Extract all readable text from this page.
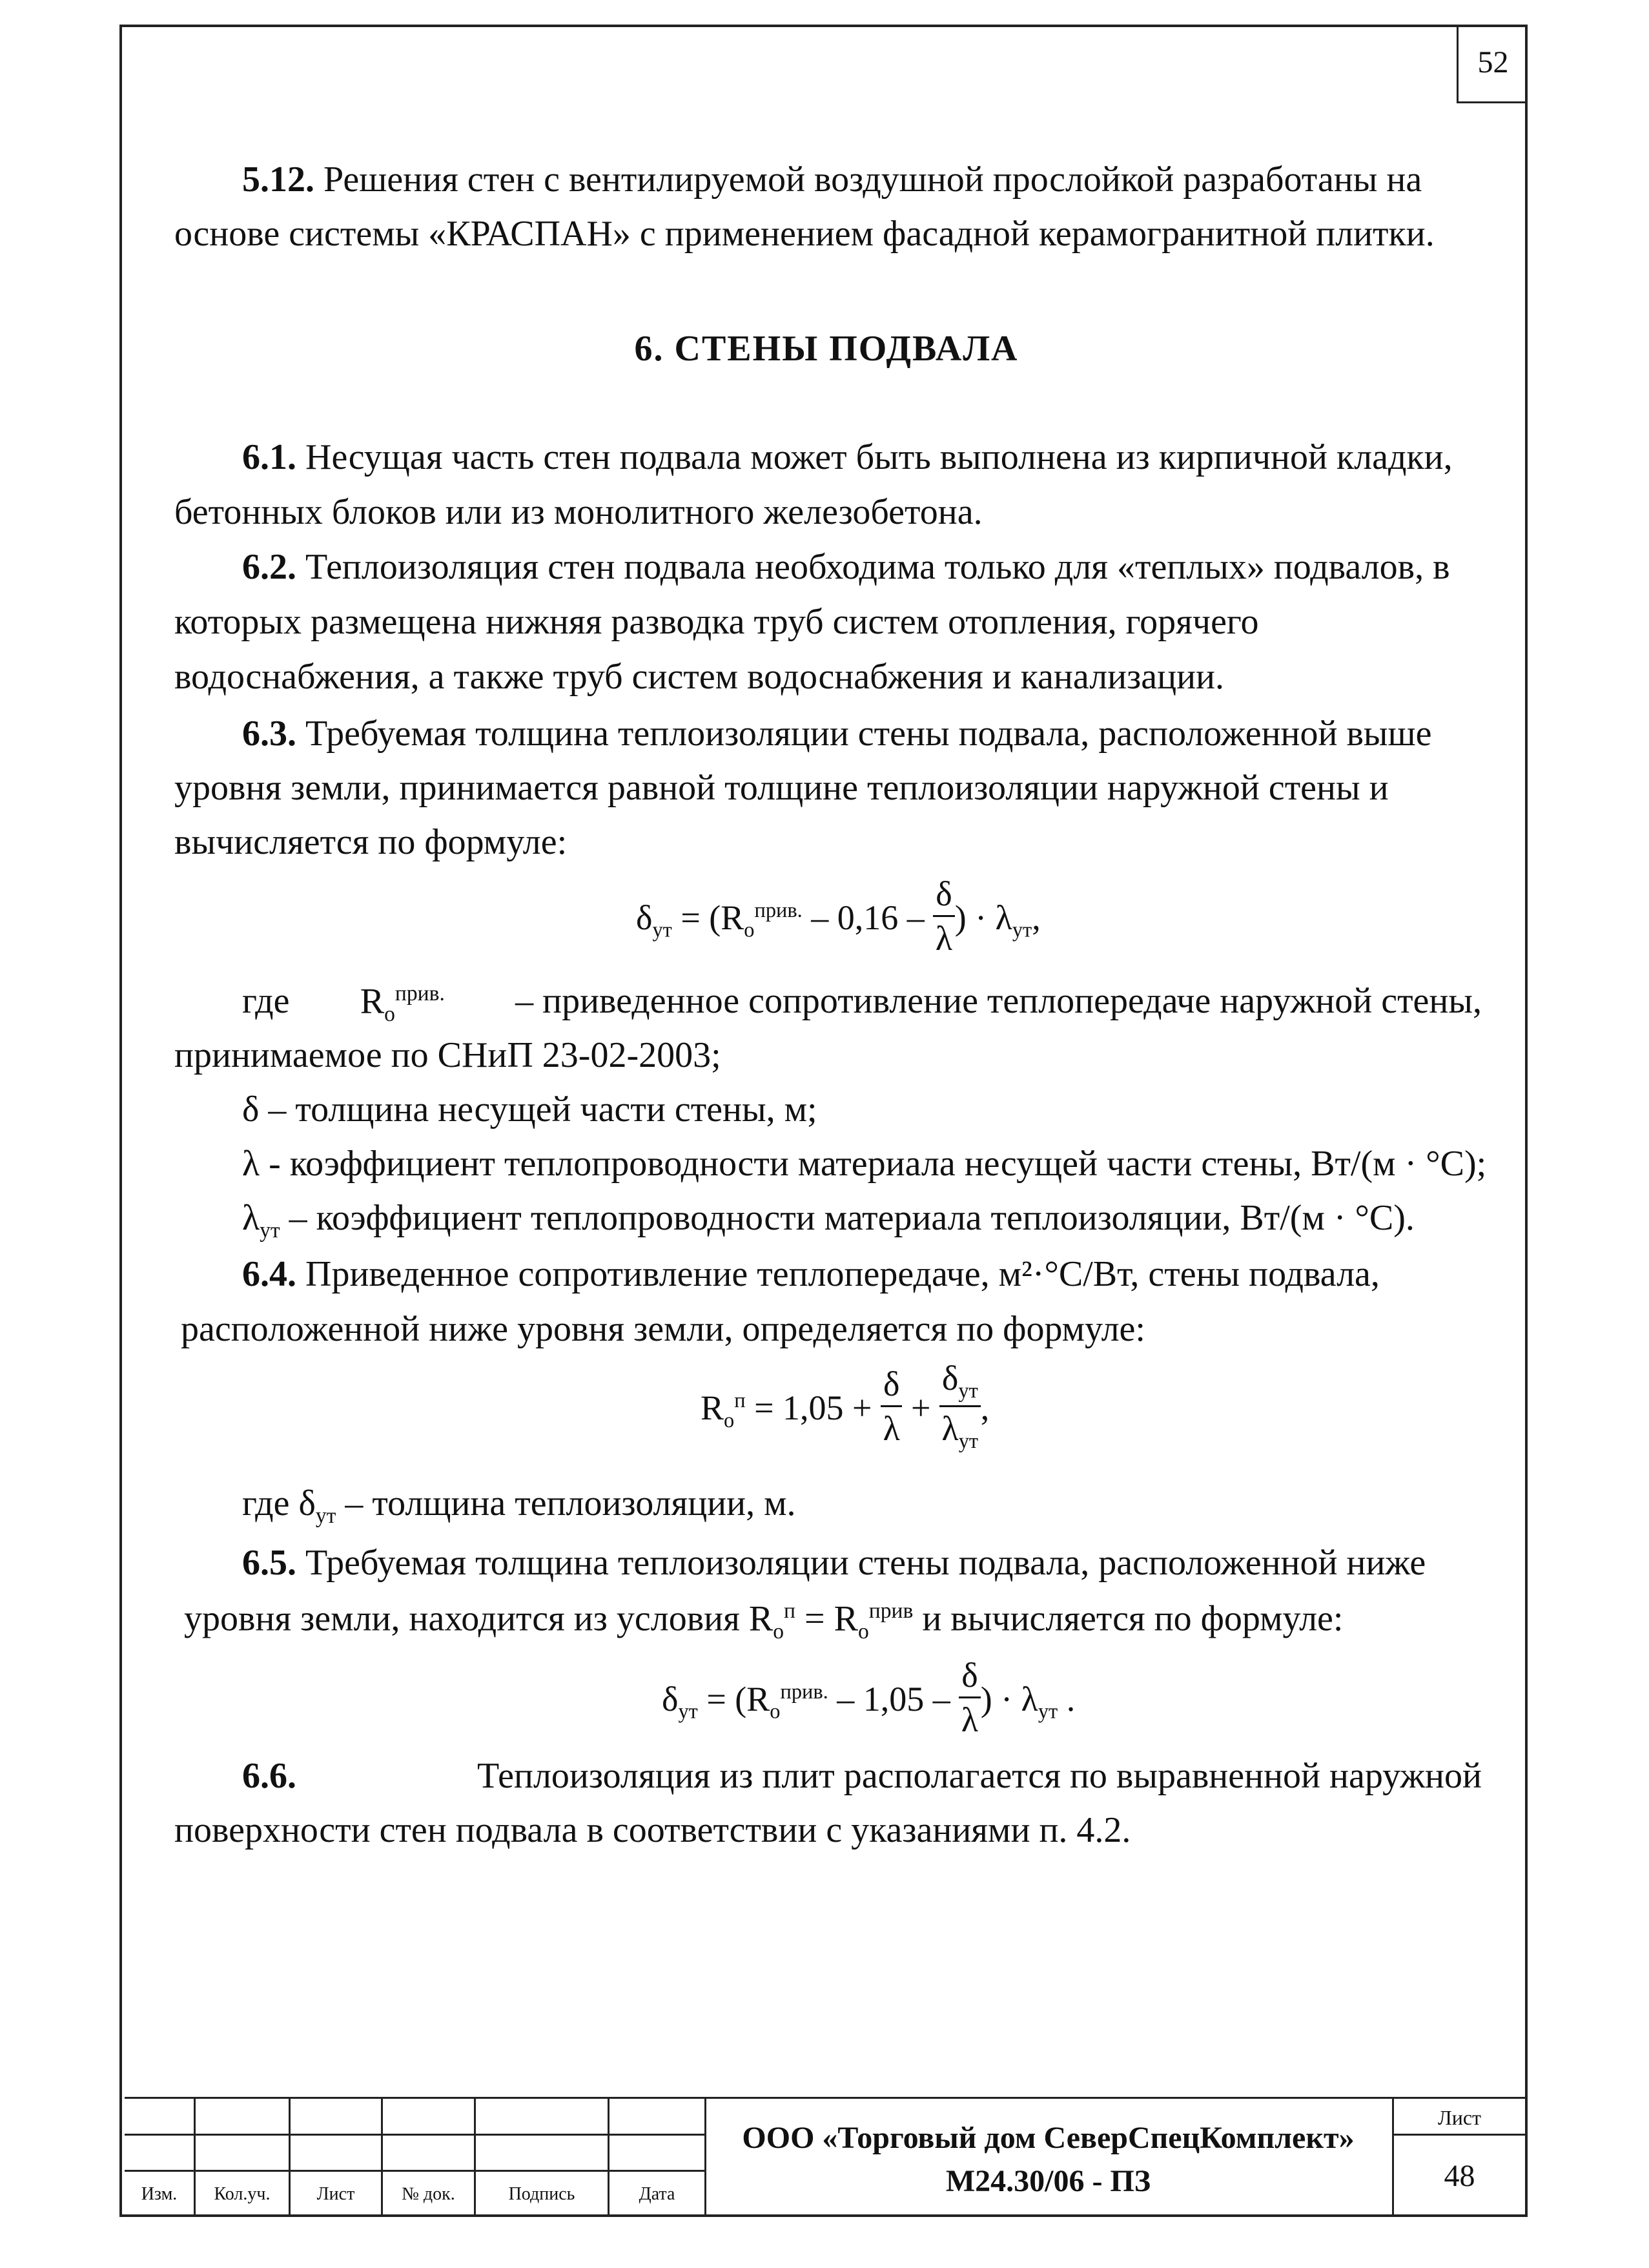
52
5.12. Решения стен с вентилируемой воздушной прослойкой разработаны на
основе системы «КРАСПАН» с применением фасадной керамогранитной плитки.
6. СТЕНЫ ПОДВАЛА
6.1. Несущая часть стен подвала может быть выполнена из кирпичной кладки,
бетонных блоков или из монолитного железобетона.
6.2. Теплоизоляция стен подвала необходима только для «теплых» подвалов, в
которых размещена нижняя разводка труб систем отопления, горячего
водоснабжения, а также труб систем водоснабжения и канализации.
6.3. Требуемая толщина теплоизоляции стены подвала, расположенной выше
уровня земли, принимается равной толщине теплоизоляции наружной стены и
вычисляется по формуле:
$\delta_{ут} = (R_о^{прив.} - 0,16 - \frac{\delta}{\lambda}$ ) · $\lambda_{ут}$,
где $R_о^{прив.}$ – приведенное сопротивление теплопередаче наружной стены,
принимаемое по СНиП 23-02-2003;
δ – толщина несущей части стены, м;
λ - коэффициент теплопроводности материала несущей части стены, Вт/(м · °С);
$\lambda_{ут}$ – коэффициент теплопроводности материала теплоизоляции, Вт/(м · °С).
6.4. Приведенное сопротивление теплопередаче, м²·°С/Вт, стены подвала,
расположенной ниже уровня земли, определяется по формуле:
$R_о^п = 1,05 + \frac{\delta}{\lambda} + \frac{\delta_{ут}}{\lambda_{ут}}$ ,
где $\delta_{ут}$ – толщина теплоизоляции, м.
6.5. Требуемая толщина теплоизоляции стены подвала, расположенной ниже
уровня земли, находится из условия $R_о^п = R_о^{прив}$ и вычисляется по формуле:
$\delta_{ут} = (R_о^{прив.} - 1,05 - \frac{\delta}{\lambda}$ ) · $\lambda_{ут}$ .
6.6.	Теплоизоляция из плит располагается по выравненной наружной
поверхности стен подвала в соответствии с указаниями п. 4.2.
Изм.	Кол.уч.	Лист	№ док.	Подпись	Дата
ООО «Торговый дом СеверСпецКомплект»
М24.30/06 - ПЗ
Лист
48
